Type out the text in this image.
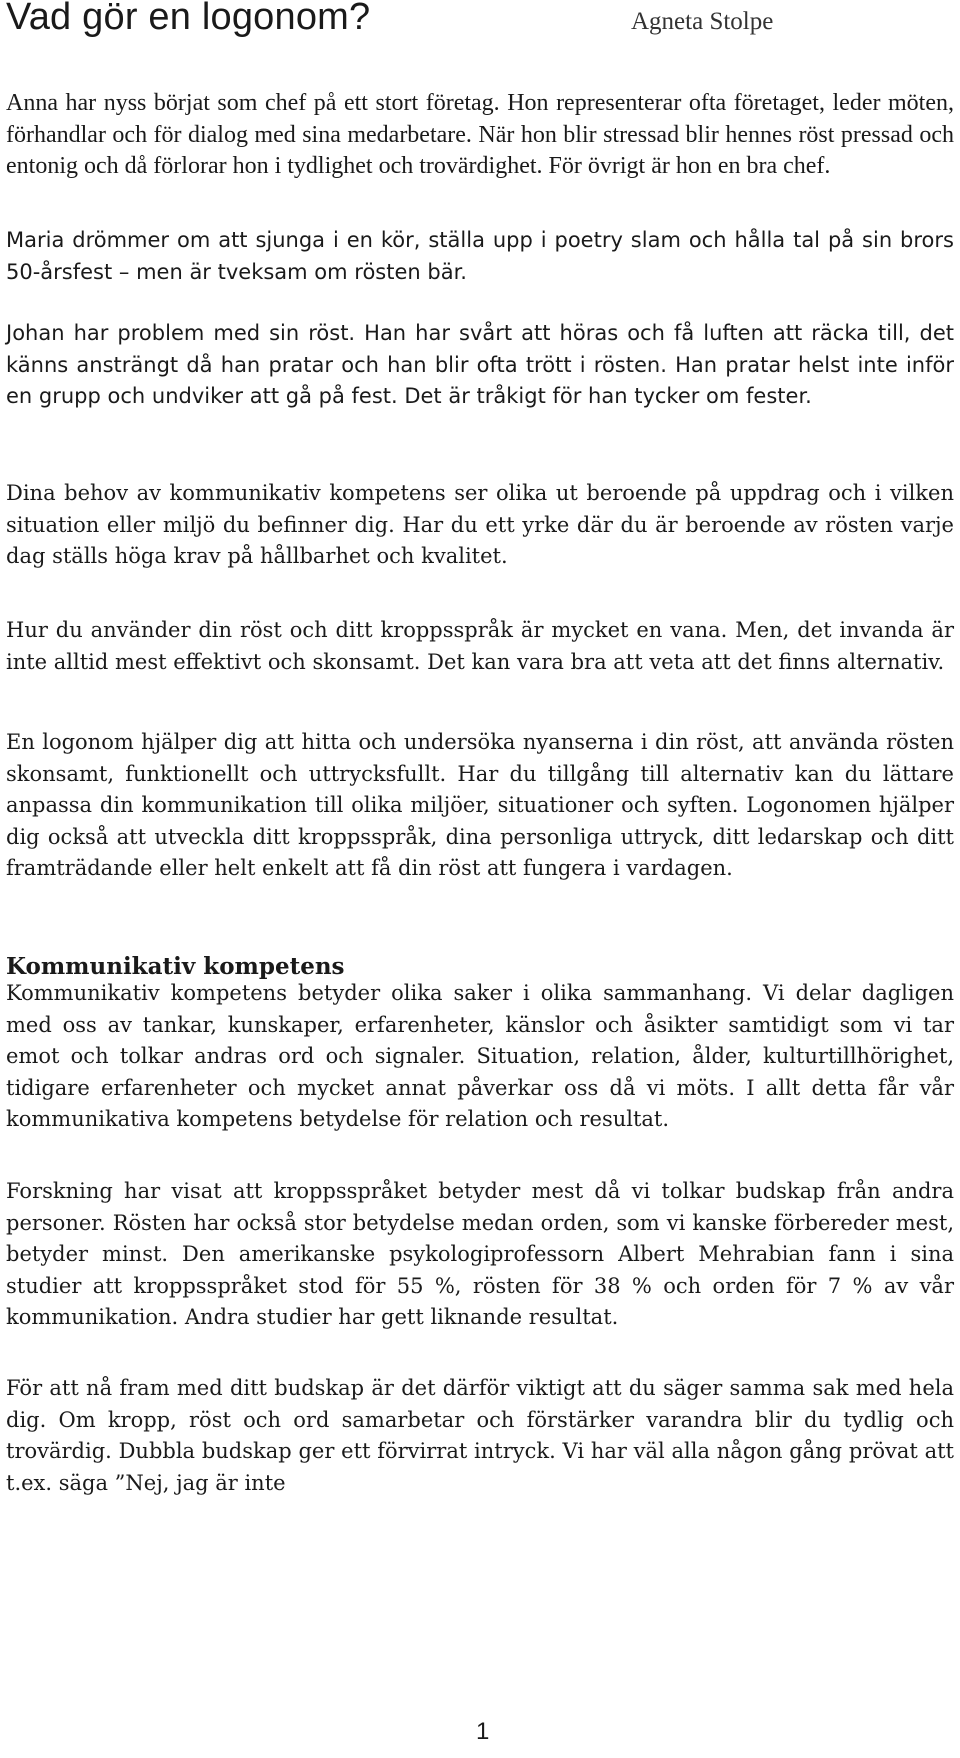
Vad gör en logonom?	Agneta Stolpe

Anna har nyss börjat som chef på ett stort företag. Hon representerar ofta företaget, leder möten, förhandlar och för dialog med sina medarbetare. När hon blir stressad blir hennes röst pressad och entonig och då förlorar hon i tydlighet och trovärdighet. För övrigt är hon en bra chef.

Maria drömmer om att sjunga i en kör, ställa upp i poetry slam och hålla tal på sin brors 50-årsfest – men är tveksam om rösten bär.

Johan har problem med sin röst. Han har svårt att höras och få luften att räcka till, det känns ansträngt då han pratar och han blir ofta trött i rösten. Han pratar helst inte inför en grupp och undviker att gå på fest. Det är tråkigt för han tycker om fester.

Dina behov av kommunikativ kompetens ser olika ut beroende på uppdrag och i vilken situation eller miljö du befinner dig. Har du ett yrke där du är beroende av rösten varje dag ställs höga krav på hållbarhet och kvalitet.

Hur du använder din röst och ditt kroppsspråk är mycket en vana. Men, det invanda är inte alltid mest effektivt och skonsamt. Det kan vara bra att veta att det finns alternativ.

En logonom hjälper dig att hitta och undersöka nyanserna i din röst, att använda rösten skonsamt, funktionellt och uttrycksfullt. Har du tillgång till alternativ kan du lättare anpassa din kommunikation till olika miljöer, situationer och syften. Logonomen hjälper dig också att utveckla ditt kroppsspråk, dina personliga uttryck, ditt ledarskap och ditt framträdande eller helt enkelt att få din röst att fungera i vardagen.

Kommunikativ kompetens

Kommunikativ kompetens betyder olika saker i olika sammanhang. Vi delar dagligen med oss av tankar, kunskaper, erfarenheter, känslor och åsikter samtidigt som vi tar emot och tolkar andras ord och signaler. Situation, relation, ålder, kulturtillhörighet, tidigare erfarenheter och mycket annat påverkar oss då vi möts. I allt detta får vår kommunikativa kompetens betydelse för relation och resultat.

Forskning har visat att kroppsspråket betyder mest då vi tolkar budskap från andra personer. Rösten har också stor betydelse medan orden, som vi kanske förbereder mest, betyder minst. Den amerikanske psykologiprofessorn Albert Mehrabian fann i sina studier att kroppsspråket stod för 55 %, rösten för 38 % och orden för 7 % av vår kommunikation. Andra studier har gett liknande resultat.

För att nå fram med ditt budskap är det därför viktigt att du säger samma sak med hela dig. Om kropp, röst och ord samarbetar och förstärker varandra blir du tydlig och trovärdig. Dubbla budskap ger ett förvirrat intryck. Vi har väl alla någon gång prövat att t.ex. säga ”Nej, jag är inte

1
